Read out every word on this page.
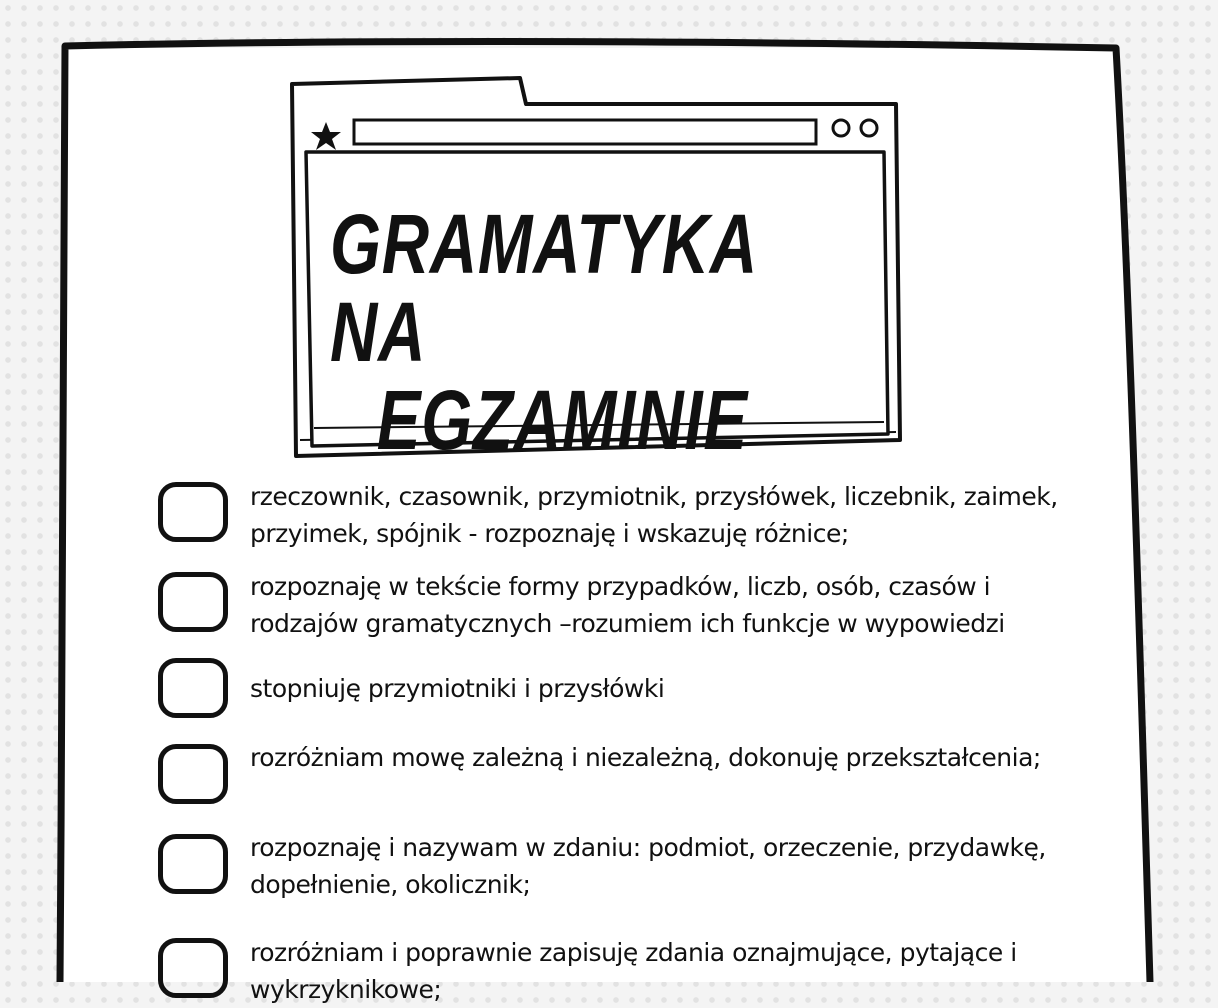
GRAMATYKA NA
EGZAMINIE
rzeczownik, czasownik, przymiotnik, przysłówek, liczebnik, zaimek, przyimek, spójnik - rozpoznaję i wskazuję różnice;
rozpoznaję w tekście formy przypadków, liczb, osób, czasów i rodzajów gramatycznych –rozumiem ich funkcje w wypowiedzi
stopniuję przymiotniki i przysłówki
rozróżniam mowę zależną i niezależną, dokonuję przekształcenia;
rozpoznaję i nazywam w zdaniu: podmiot, orzeczenie, przydawkę, dopełnienie, okolicznik;
rozróżniam i poprawnie zapisuję zdania oznajmujące, pytające i wykrzyknikowe;
